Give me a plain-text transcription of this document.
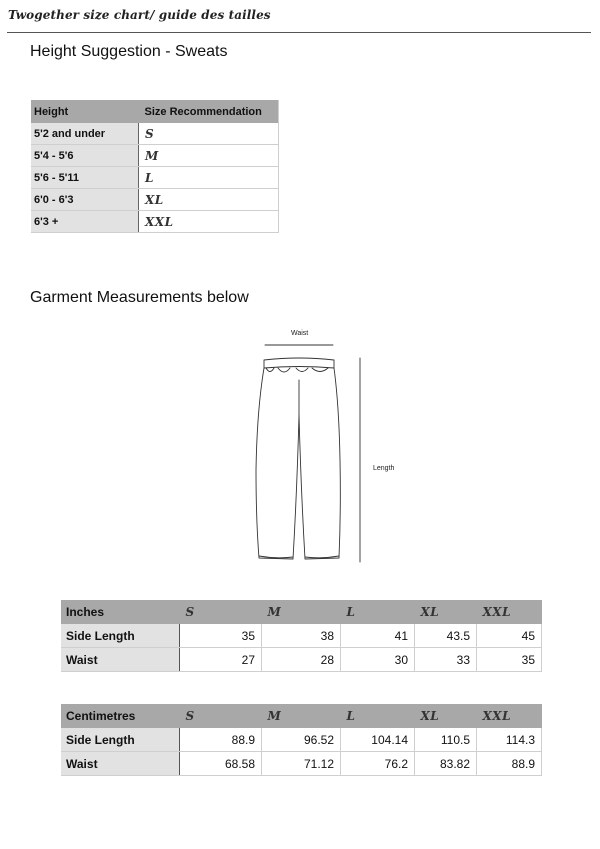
Twogether size chart/ guide des tailles
Height Suggestion - Sweats
Height	Size Recommendation
5'2 and under	S
5'4 - 5'6	M
5'6 - 5'11	L
6'0 - 6'3	XL
6'3 +	XXL
Garment Measurements below
Waist
Length
Inches	S	M	L	XL	XXL
Side Length	35	38	41	43.5	45
Waist	27	28	30	33	35
Centimetres	S	M	L	XL	XXL
Side Length	88.9	96.52	104.14	110.5	114.3
Waist	68.58	71.12	76.2	83.82	88.9
